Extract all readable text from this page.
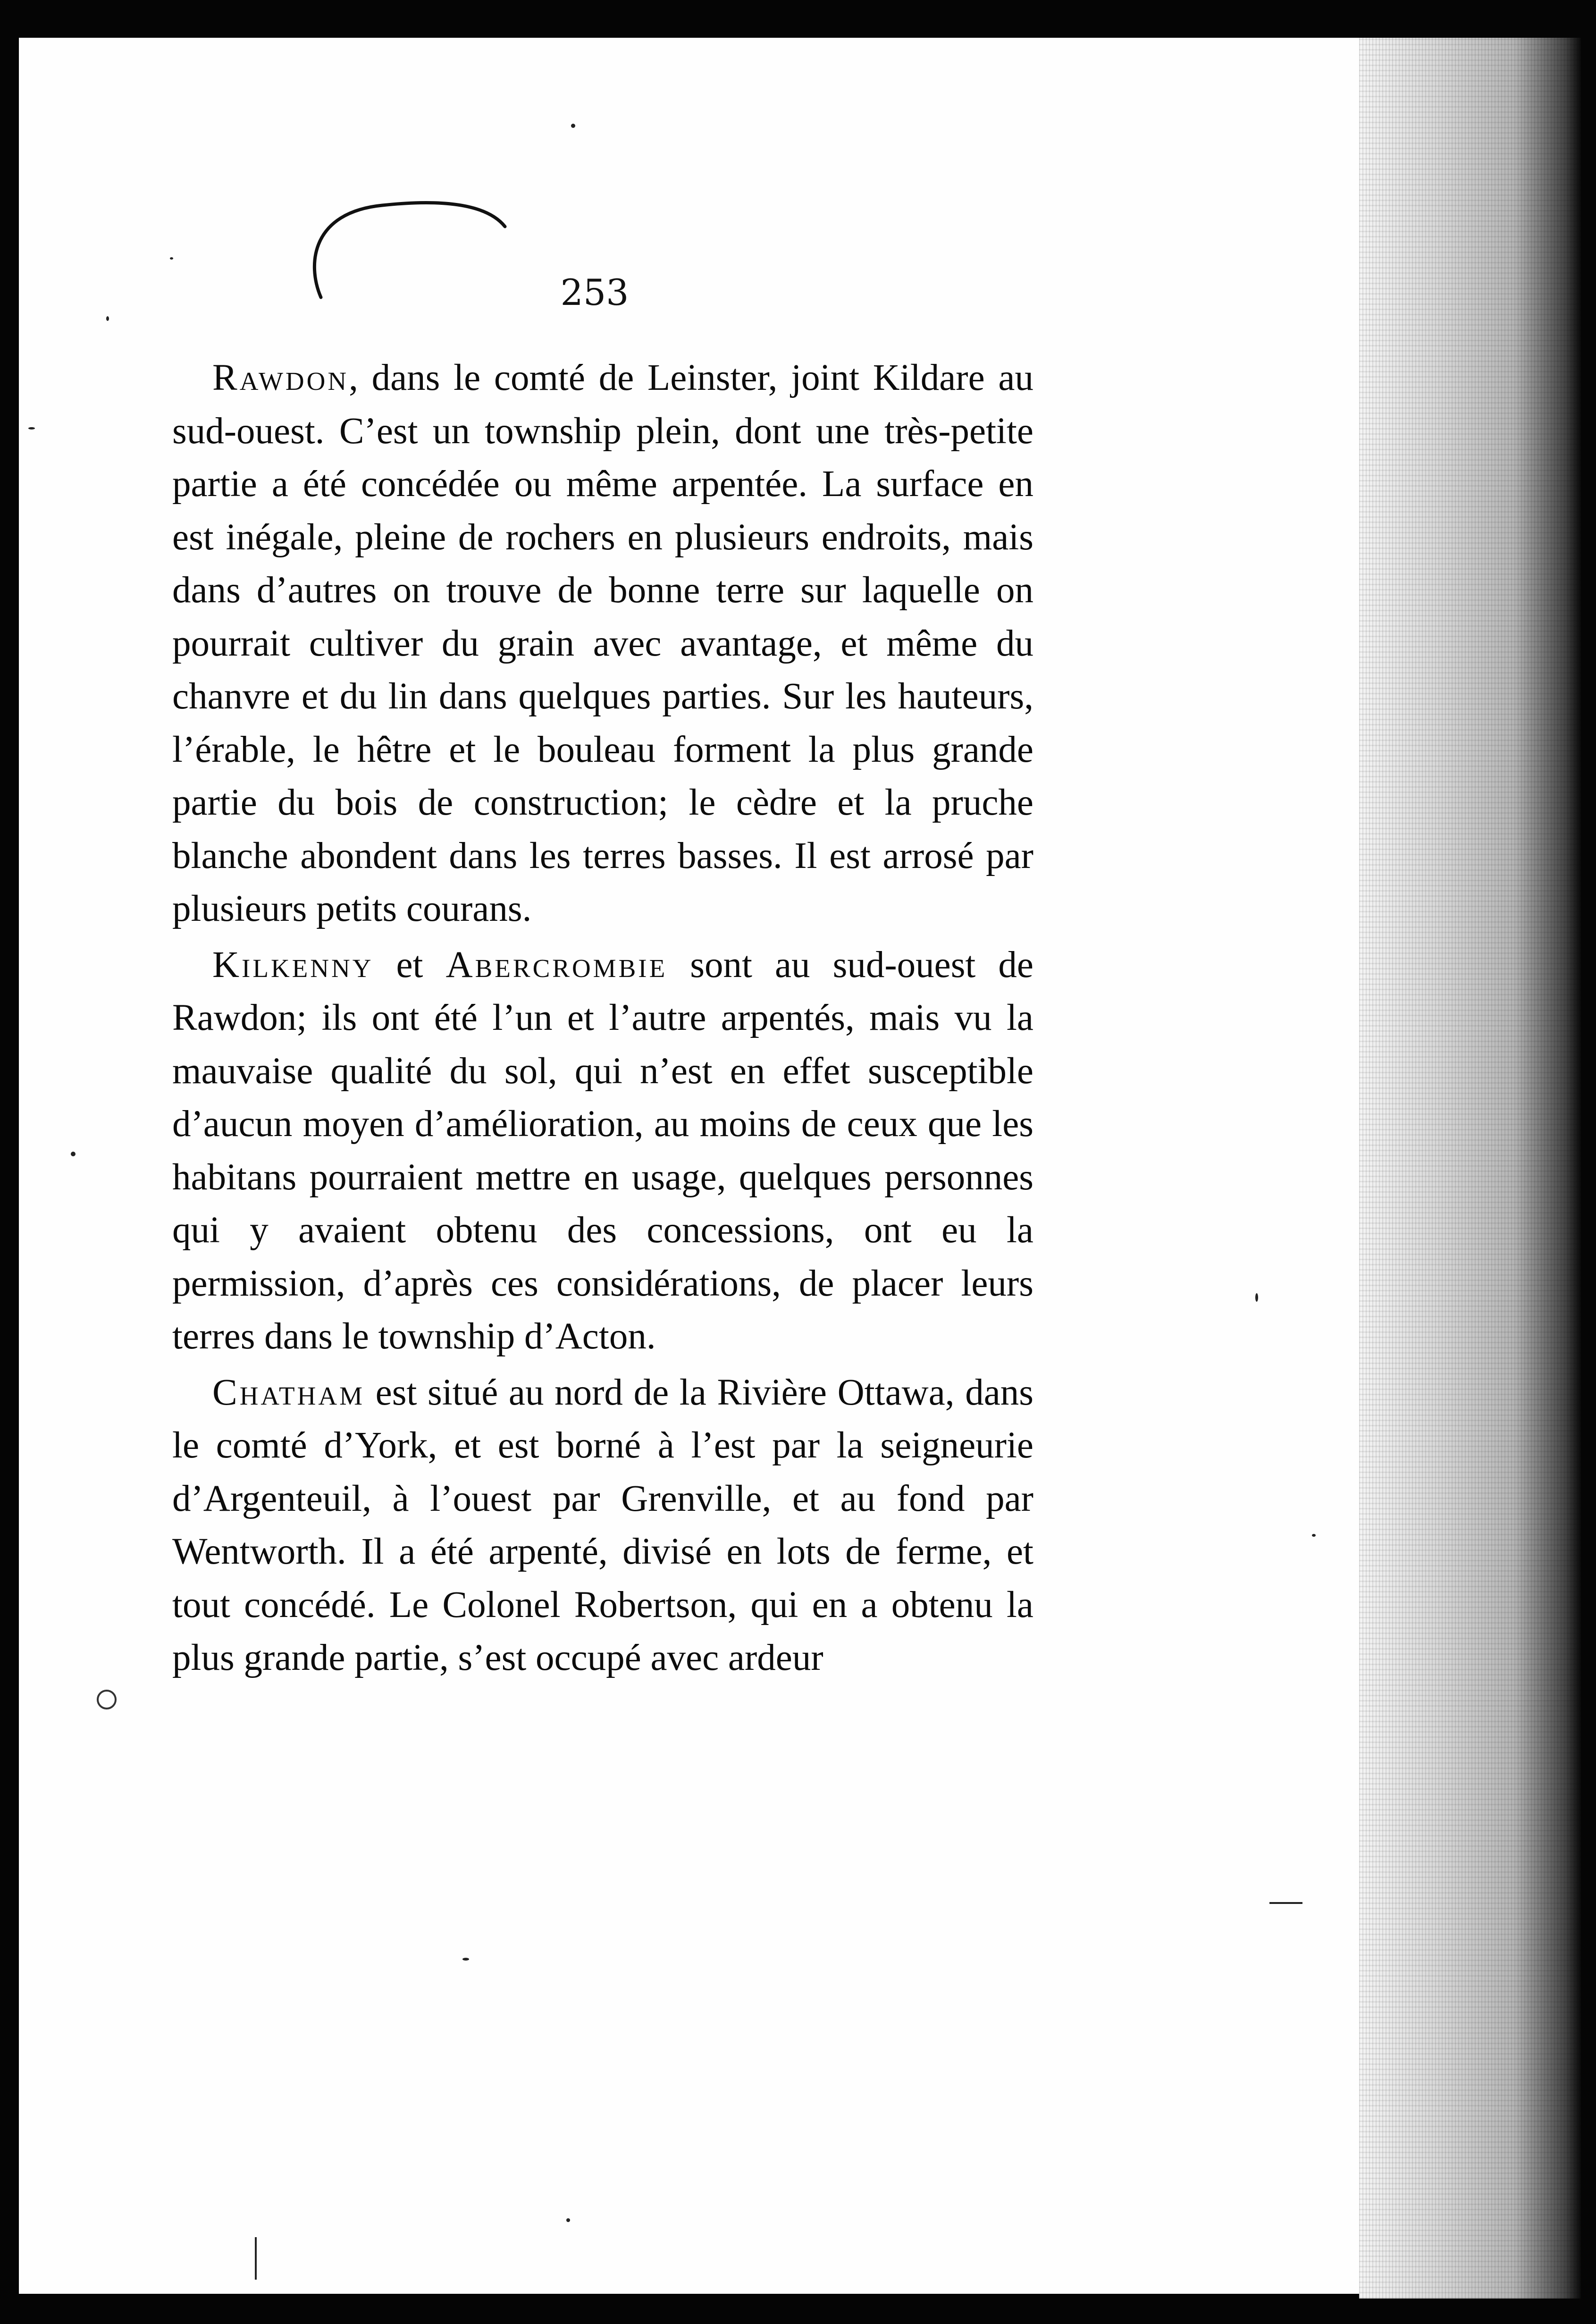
253

Rawdon, dans le comté de Leinster, joint Kildare au sud-ouest. C’est un township plein, dont une très-petite partie a été concédée ou même arpentée. La surface en est inégale, pleine de rochers en plusieurs endroits, mais dans d’autres on trouve de bonne terre sur laquelle on pourrait cultiver du grain avec avantage, et même du chanvre et du lin dans quelques parties. Sur les hauteurs, l’érable, le hêtre et le bouleau forment la plus grande partie du bois de construction; le cèdre et la pruche blanche abondent dans les terres basses. Il est arrosé par plusieurs petits courans.

Kilkenny et Abercrombie sont au sud-ouest de Rawdon; ils ont été l’un et l’autre arpentés, mais vu la mauvaise qualité du sol, qui n’est en effet susceptible d’aucun moyen d’amélioration, au moins de ceux que les habitans pourraient mettre en usage, quelques personnes qui y avaient obtenu des concessions, ont eu la permission, d’après ces considérations, de placer leurs terres dans le township d’Acton.

Chatham est situé au nord de la Rivière Ottawa, dans le comté d’York, et est borné à l’est par la seigneurie d’Argenteuil, à l’ouest par Grenville, et au fond par Wentworth. Il a été arpenté, divisé en lots de ferme, et tout concédé. Le Colonel Robertson, qui en a obtenu la plus grande partie, s’est occupé avec ardeur
